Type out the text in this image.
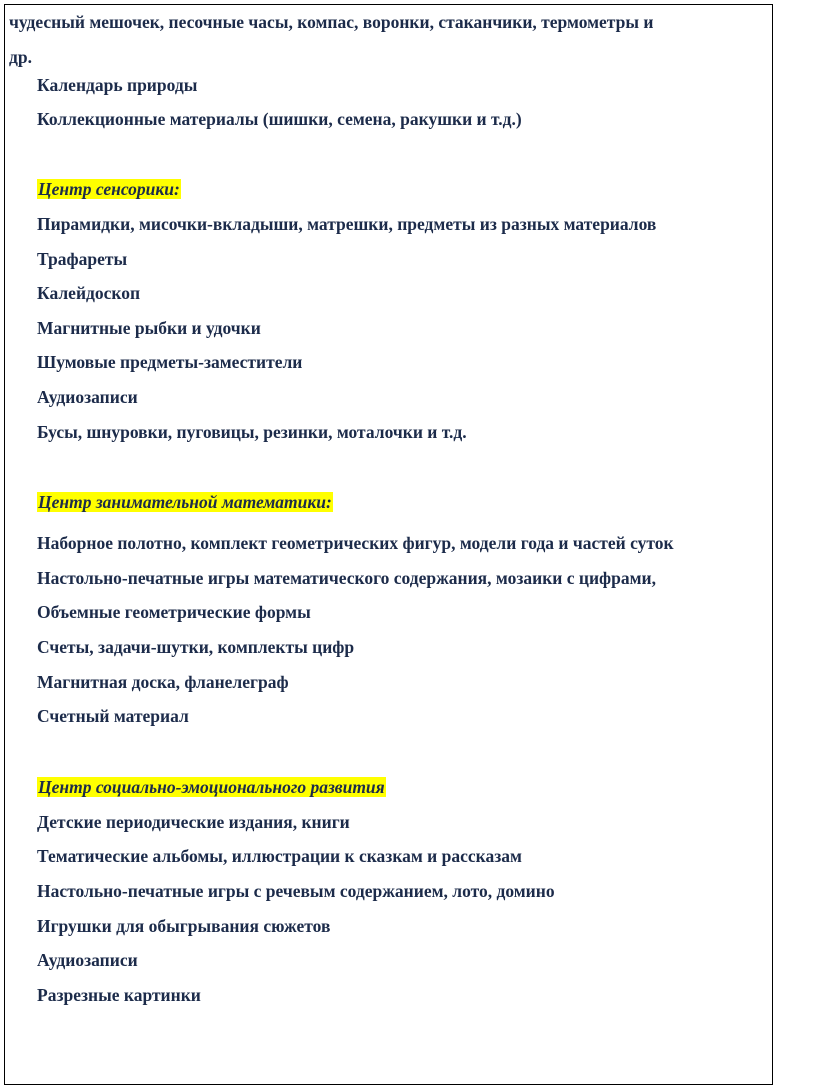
чудесный мешочек, песочные часы, компас, воронки, стаканчики, термометры и
др.
Календарь природы
Коллекционные материалы (шишки, семена, ракушки и т.д.)
Центр сенсорики:
Пирамидки, мисочки-вкладыши, матрешки, предметы из разных материалов
Трафареты
Калейдоскоп
Магнитные рыбки и удочки
Шумовые предметы-заместители
Аудиозаписи
Бусы, шнуровки, пуговицы, резинки, моталочки и т.д.
Центр занимательной математики:
Наборное полотно, комплект геометрических фигур, модели года и частей суток
Настольно-печатные игры математического содержания, мозаики с цифрами,
Объемные геометрические формы
Счеты, задачи-шутки, комплекты цифр
Магнитная доска, фланелеграф
Счетный материал
Центр социально-эмоционального развития
Детские периодические издания, книги
Тематические альбомы, иллюстрации к сказкам и рассказам
Настольно-печатные игры с речевым содержанием, лото, домино
Игрушки для обыгрывания сюжетов
Аудиозаписи
Разрезные картинки
